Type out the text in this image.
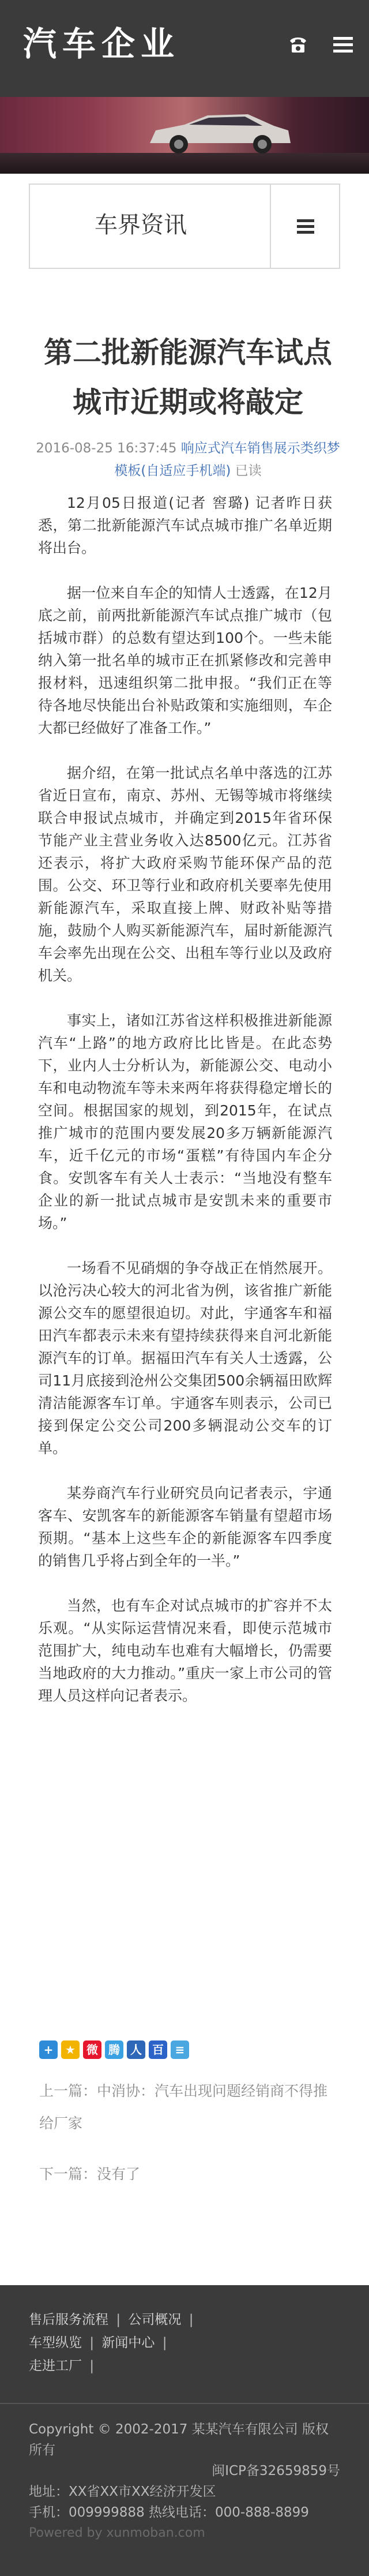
汽车企业
车界资讯
第二批新能源汽车试点城市近期或将敲定
2016-08-25 16:37:45 响应式汽车销售展示类织梦模板(自适应手机端) 已读

12月05日报道(记者 窖璐) 记者昨日获悉，第二批新能源汽车试点城市推广名单近期将出台。

据一位来自车企的知情人士透露，在12月底之前，前两批新能源汽车试点推广城市（包括城市群）的总数有望达到100个。一些未能纳入第一批名单的城市正在抓紧修改和完善申报材料，迅速组织第二批申报。“我们正在等待各地尽快能出台补贴政策和实施细则，车企大都已经做好了准备工作。”

据介绍，在第一批试点名单中落选的江苏省近日宣布，南京、苏州、无锡等城市将继续联合申报试点城市，并确定到2015年省环保节能产业主营业务收入达8500亿元。江苏省还表示，将扩大政府采购节能环保产品的范围。公交、环卫等行业和政府机关要率先使用新能源汽车，采取直接上牌、财政补贴等措施，鼓励个人购买新能源汽车，届时新能源汽车会率先出现在公交、出租车等行业以及政府机关。

事实上，诸如江苏省这样积极推进新能源汽车“上路”的地方政府比比皆是。在此态势下，业内人士分析认为，新能源公交、电动小车和电动物流车等未来两年将获得稳定增长的空间。根据国家的规划，到2015年，在试点推广城市的范围内要发展20多万辆新能源汽车，近千亿元的市场“蛋糕”有待国内车企分食。安凯客车有关人士表示：“当地没有整车企业的新一批试点城市是安凯未来的重要市场。”

一场看不见硝烟的争夺战正在悄然展开。以沧污决心较大的河北省为例，该省推广新能源公交车的愿望很迫切。对此，宇通客车和福田汽车都表示未来有望持续获得来自河北新能源汽车的订单。据福田汽车有关人士透露，公司11月底接到沧州公交集团500余辆福田欧辉清洁能源客车订单。宇通客车则表示，公司已接到保定公交公司200多辆混动公交车的订单。

某券商汽车行业研究员向记者表示，宇通客车、安凯客车的新能源客车销量有望超市场预期。“基本上这些车企的新能源客车四季度的销售几乎将占到全年的一半。”

当然，也有车企对试点城市的扩容并不太乐观。“从实际运营情况来看，即使示范城市范围扩大，纯电动车也难有大幅增长，仍需要当地政府的大力推动。”重庆一家上市公司的管理人员这样向记者表示。

+	★ 微 腾 人 百 ≡
上一篇：中消协：汽车出现问题经销商不得推给厂家
下一篇：没有了
售后服务流程 | 公司概况 |
车型纵览 | 新闻中心 |
走进工厂 |
Copyright © 2002-2017 某某汽车有限公司 版权所有
闽ICP备32659859号
地址：XX省XX市XX经济开发区
手机：009999888 热线电话：000-888-8899
Powered by xunmoban.com
